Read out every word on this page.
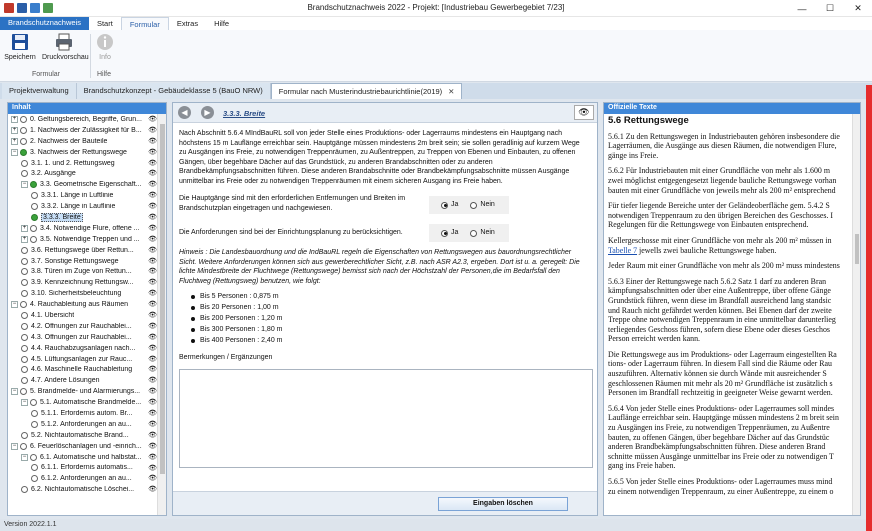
Brandschutznachweis 2022 - Projekt: [Industriebau Gewerbegebiet 7/23]	—	☐	✕
Brandschutznachweis	Start	Formular	Extras	Hilfe
Speichern Druckvorschau	Info
Formular	Hilfe
Projektverwaltung	Brandschutzkonzept - Gebäudeklasse 5 (BauO NRW)	Formular nach Musterindustriebaurichtlinie(2019) ✕
Inhalt
+ 0. Geltungsbereich, Begriffe, Grun... 👁
+ 1. Nachweis der Zulässigkeit für B... 👁
+ 2. Nachweis der Bauteile	👁
− 3. Nachweis der Rettungswege	👁
3.1. 1. und 2. Rettungsweg	👁
3.2. Ausgänge	👁
− 3.3. Geometrische Eigenschaft... 👁
3.3.1. Länge in Luftlinie	👁
3.3.2. Länge in Lauflinie	👁
3.3.3. Breite	👁
+ 3.4. Notwendige Flure, offene ... 👁
+ 3.5. Notwendige Treppen und ... 👁
3.6. Rettungswege über Rettun... 👁
3.7. Sonstige Rettungswege	👁
3.8. Türen im Zuge von Rettun... 👁
3.9. Kennzeichnung Rettungsw... 👁
3.10. Sicherheitsbeleuchtung	👁
− 4. Rauchableitung aus Räumen	👁
4.1. Übersicht	👁
4.2. Öffnungen zur Rauchablei... 👁
4.3. Öffnungen zur Rauchablei... 👁
4.4. Rauchabzugsanlagen nach... 👁
4.5. Lüftungsanlagen zur Rauc... 👁
4.6. Maschinelle Rauchableitung 👁
4.7. Andere Lösungen	👁
− 5. Brandmelde- und Alarmierungs... 👁
− 5.1. Automatische Brandmelde... 👁
5.1.1. Erfordernis autom. Br... 👁
5.1.2. Anforderungen an au... 👁
5.2. Nichtautomatische Brand...	👁
− 6. Feuerlöschanlagen und -einrich... 👁
− 6.1. Automatische und halbstat... 👁
6.1.1. Erfordernis automatis... 👁
6.1.2. Anforderungen an au... 👁
6.2. Nichtautomatische Löschei... 👁
◀	▶	3.3.3. Breite	👁
Nach Abschnitt 5.6.4 MIndBauRL soll von jeder Stelle eines Produktions- oder Lagerraums mindestens ein Hauptgang nach höchstens 15 m Lauflänge erreichbar sein. Hauptgänge müssen mindestens 2m breit sein; sie sollen geradlinig auf kurzem Wege zu Ausgängen ins Freie, zu notwendigen Treppenräumen, zu Außentreppen, zu Treppen von Ebenen und Einbauten, zu offenen Gängen, über begehbare Dächer auf das Grundstück, zu anderen Brandabschnitten oder zu anderen Brandbekämpfungsabschnitten führen. Diese anderen Brandabschnitte oder Brandbekämpfungsabschnitte müssen Ausgänge unmittelbar ins Freie oder zu notwendigen Treppenräumen mit einem sicheren Ausgang ins Freie haben.
Die Hauptgänge sind mit den erforderlichen Entfernungen und Breiten im Brandschutzplan eingetragen und nachgewiesen.	Ja	Nein
Die Anforderungen sind bei der Einrichtungsplanung zu berücksichtigen.	Ja	Nein
Hinweis : Die Landesbauordnung und die IndBauRL regeln die Eigenschaften von Rettungswegen aus bauordnungsrechtlicher Sicht. Weitere Anforderungen können sich aus gewerberechtlicher Sicht, z.B. nach ASR A2.3, ergeben. Dort ist u. a. geregelt: Die lichte Mindestbreite der Fluchtwege (Rettungswege) bemisst sich nach der Höchstzahl der Personen,die im Bedarfsfall den Fluchtweg (Rettungsweg) benutzen, wie folgt:
Bis 5 Personen : 0,875 m
Bis 20 Personen : 1,00 m
Bis 200 Personen : 1,20 m
Bis 300 Personen : 1,80 m
Bis 400 Personen : 2,40 m
Bermerkungen / Ergänzungen
Eingaben löschen
Offizielle Texte
5.6 Rettungswege

5.6.1 Zu den Rettungswegen in Industriebauten gehören insbesondere die
Lagerräumen, die Ausgänge aus diesen Räumen, die notwendigen Flure,
gänge ins Freie.

5.6.2 Für Industriebauten mit einer Grundfläche von mehr als 1.600 m
zwei möglichst entgegengesetzt liegende bauliche Rettungswege vorhan
bauten mit einer Grundfläche von jeweils mehr als 200 m² entsprechend

Für tiefer liegende Bereiche unter der Geländeoberfläche gem. 5.4.2 S
notwendigen Treppenraum zu den übrigen Bereichen des Geschosses. I
Regelungen für die Rettungswege von Einbauten entsprechend.

Kellergeschosse mit einer Grundfläche von mehr als 200 m² müssen in
Tabelle 7 jewells zwei bauliche Rettungswege haben.

Jeder Raum mit einer Grundfläche von mehr als 200 m² muss mindestens

5.6.3 Einer der Rettungswege nach 5.6.2 Satz 1 darf zu anderen Bran
kämpfungsabschnitten oder über eine Außentreppe, über offene Gänge
Grundstück führen, wenn diese im Brandfall ausreichend lang standsic
und Rauch nicht gefährdet werden können. Bei Ebenen darf der zweite
Treppe ohne notwendigen Treppenraum in eine unmittelbar darunterlieg
terliegendes Geschoss führen, sofern diese Ebene oder dieses Geschos
Person erreicht werden kann.

Die Rettungswege aus im Produktions- oder Lagerraum eingestellten Ra
tions- oder Lagerraum führen. In diesem Fall sind die Räume oder Rau
auszuführen. Alternativ können sie durch Wände mit ausreichender S
geschlossenen Räumen mit mehr als 20 m² Grundfläche ist zusätzlich s
Personen im Brandfall rechtzeitig in geeigneter Weise gewarnt werden.

5.6.4 Von jeder Stelle eines Produktions- oder Lagerraumes soll mindes
Lauflänge erreichbar sein. Hauptgänge müssen mindestens 2 m breit sein
zu Ausgängen ins Freie, zu notwendigen Treppenräumen, zu Außentre
bauten, zu offenen Gängen, über begehbare Dächer auf das Grundstüc
anderen Brandbekämpfungsabschnitten führen. Diese anderen Brand
schnitte müssen Ausgänge unmittelbar ins Freie oder zu notwendigen T
gang ins Freie haben.

5.6.5 Von jeder Stelle eines Produktions- oder Lagerraumes muss mind
zu einem notwendigen Treppenraum, zu einer Außentreppe, zu einem o

Version 2022.1.1
